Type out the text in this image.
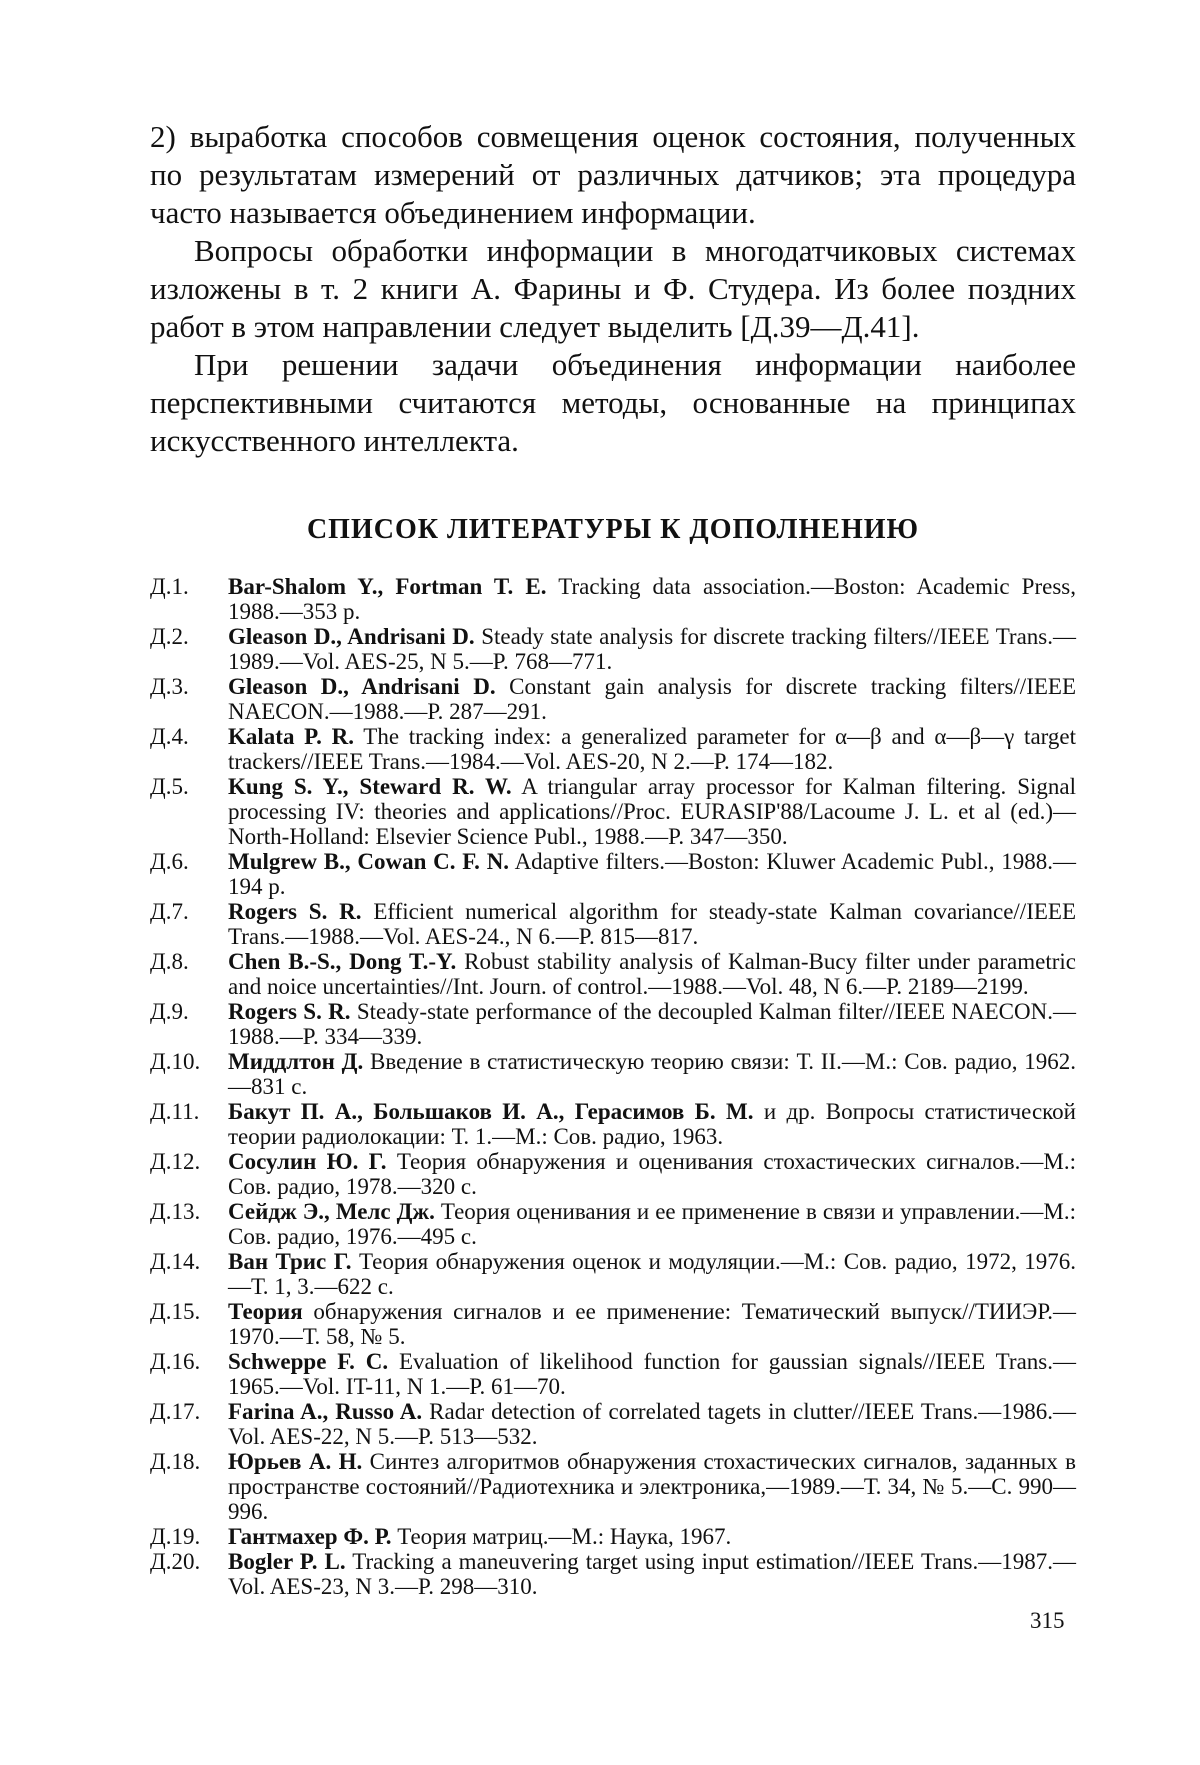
2) выработка способов совмещения оценок состояния, полученных по результатам измерений от различных датчиков; эта процедура часто называется объединением информации.

Вопросы обработки информации в многодатчиковых системах изложены в т. 2 книги А. Фарины и Ф. Студера. Из более поздних работ в этом направлении следует выделить [Д.39—Д.41].

При решении задачи объединения информации наиболее перспективными считаются методы, основанные на принципах искусственного интеллекта.

СПИСОК ЛИТЕРАТУРЫ К ДОПОЛНЕНИЮ
Д.1.	Bar-Shalom Y., Fortman T. E. Tracking data association.—Boston: Academic Press, 1988.—353 p.
Д.2.	Gleason D., Andrisani D. Steady state analysis for discrete tracking filters//IEEE Trans.—1989.—Vol. AES-25, N 5.—P. 768—771.
Д.3.	Gleason D., Andrisani D. Constant gain analysis for discrete tracking filters//IEEE NAECON.—1988.—P. 287—291.
Д.4.	Kalata P. R. The tracking index: a generalized parameter for α—β and α—β—γ target trackers//IEEE Trans.—1984.—Vol. AES-20, N 2.—P. 174—182.
Д.5.	Kung S. Y., Steward R. W. A triangular array processor for Kalman filtering. Signal processing IV: theories and applications//Proc. EURASIP'88/Lacoume J. L. et al (ed.)—North-Holland: Elsevier Science Publ., 1988.—P. 347—350.
Д.6.	Mulgrew B., Cowan C. F. N. Adaptive filters.—Boston: Kluwer Academic Publ., 1988.—194 p.
Д.7.	Rogers S. R. Efficient numerical algorithm for steady-state Kalman covariance//IEEE Trans.—1988.—Vol. AES-24., N 6.—P. 815—817.
Д.8.	Chen B.-S., Dong T.-Y. Robust stability analysis of Kalman-Bucy filter under parametric and noice uncertainties//Int. Journ. of control.—1988.—Vol. 48, N 6.—P. 2189—2199.
Д.9.	Rogers S. R. Steady-state performance of the decoupled Kalman filter//IEEE NAECON.—1988.—P. 334—339.
Д.10.	Миддлтон Д. Введение в статистическую теорию связи: Т. II.—М.: Сов. радио, 1962.—831 с.
Д.11.	Бакут П. А., Большаков И. А., Герасимов Б. М. и др. Вопросы статистической теории радиолокации: Т. 1.—М.: Сов. радио, 1963.
Д.12.	Сосулин Ю. Г. Теория обнаружения и оценивания стохастических сигналов.—М.: Сов. радио, 1978.—320 с.
Д.13.	Сейдж Э., Мелс Дж. Теория оценивания и ее применение в связи и управлении.—М.: Сов. радио, 1976.—495 с.
Д.14.	Ван Трис Г. Теория обнаружения оценок и модуляции.—М.: Сов. радио, 1972, 1976.—Т. 1, 3.—622 с.
Д.15.	Теория обнаружения сигналов и ее применение: Тематический выпуск//ТИИЭР.—1970.—Т. 58, № 5.
Д.16.	Schweppe F. C. Evaluation of likelihood function for gaussian signals//IEEE Trans.—1965.—Vol. IT-11, N 1.—P. 61—70.
Д.17.	Farina A., Russo A. Radar detection of correlated tagets in clutter//IEEE Trans.—1986.—Vol. AES-22, N 5.—P. 513—532.
Д.18.	Юрьев А. Н. Синтез алгоритмов обнаружения стохастических сигналов, заданных в пространстве состояний//Радиотехника и электроника,—1989.—Т. 34, № 5.—С. 990—996.
Д.19.	Гантмахер Ф. Р. Теория матриц.—М.: Наука, 1967.
Д.20.	Bogler P. L. Tracking a maneuvering target using input estimation//IEEE Trans.—1987.—Vol. AES-23, N 3.—P. 298—310.
315
